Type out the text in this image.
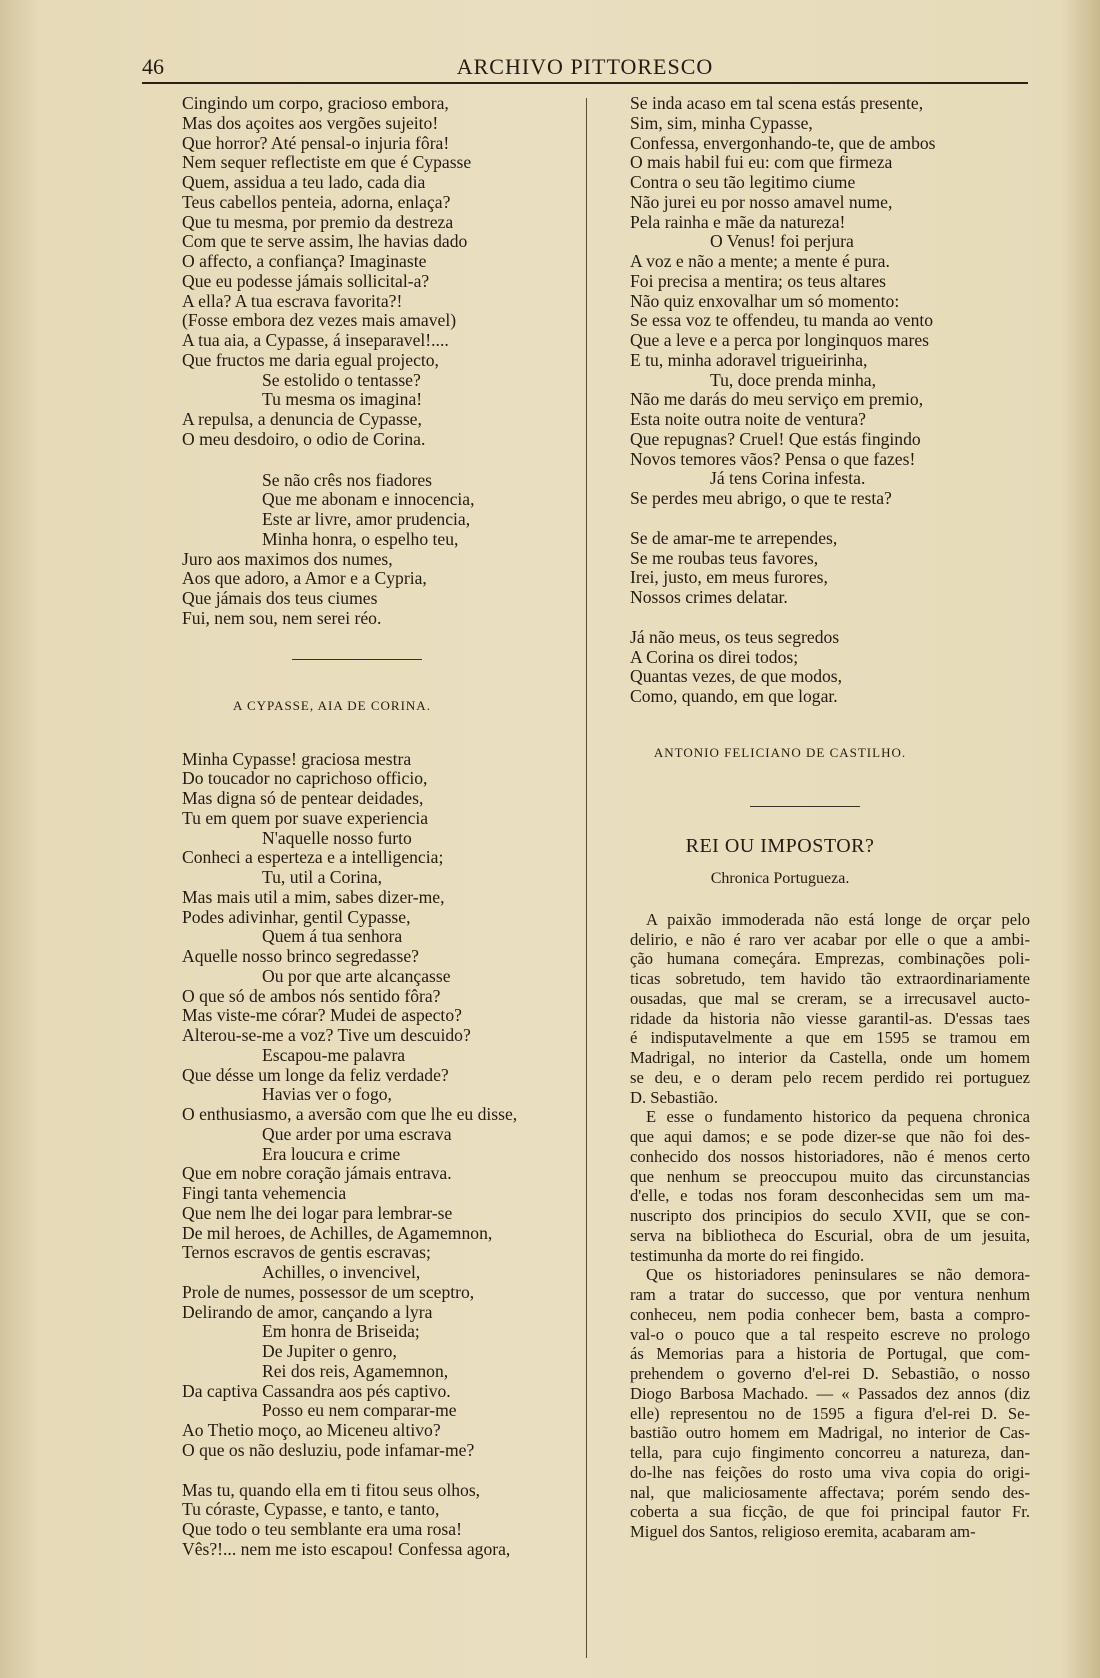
46	ARCHIVO PITTORESCO
Cingindo um corpo, gracioso embora,
Mas dos açoites aos vergões sujeito!
Que horror? Até pensal-o injuria fôra!
Nem sequer reflectiste em que é Cypasse
Quem, assidua a teu lado, cada dia
Teus cabellos penteia, adorna, enlaça?
Que tu mesma, por premio da destreza
Com que te serve assim, lhe havias dado
O affecto, a confiança? Imaginaste
Que eu podesse jámais sollicital-a?
A ella? A tua escrava favorita?!
(Fosse embora dez vezes mais amavel)
A tua aia, a Cypasse, á inseparavel!....
Que fructos me daria egual projecto,
Se estolido o tentasse?
Tu mesma os imagina!
A repulsa, a denuncia de Cypasse,
O meu desdoiro, o odio de Corina.
Se não crês nos fiadores
Que me abonam e innocencia,
Este ar livre, amor prudencia,
Minha honra, o espelho teu,
Juro aos maximos dos numes,
Aos que adoro, a Amor e a Cypria,
Que jámais dos teus ciumes
Fui, nem sou, nem serei réo.
A CYPASSE, AIA DE CORINA.
Minha Cypasse! graciosa mestra
Do toucador no caprichoso officio,
Mas digna só de pentear deidades,
Tu em quem por suave experiencia
N'aquelle nosso furto
Conheci a esperteza e a intelligencia;
Tu, util a Corina,
Mas mais util a mim, sabes dizer-me,
Podes adivinhar, gentil Cypasse,
Quem á tua senhora
Aquelle nosso brinco segredasse?
Ou por que arte alcançasse
O que só de ambos nós sentido fôra?
Mas viste-me córar? Mudei de aspecto?
Alterou-se-me a voz? Tive um descuido?
Escapou-me palavra
Que désse um longe da feliz verdade?
Havias ver o fogo,
O enthusiasmo, a aversão com que lhe eu disse,
Que arder por uma escrava
Era loucura e crime
Que em nobre coração jámais entrava.
Fingi tanta vehemencia
Que nem lhe dei logar para lembrar-se
De mil heroes, de Achilles, de Agamemnon,
Ternos escravos de gentis escravas;
Achilles, o invencivel,
Prole de numes, possessor de um sceptro,
Delirando de amor, cançando a lyra
Em honra de Briseida;
De Jupiter o genro,
Rei dos reis, Agamemnon,
Da captiva Cassandra aos pés captivo.
Posso eu nem comparar-me
Ao Thetio moço, ao Miceneu altivo?
O que os não desluziu, pode infamar-me?
Mas tu, quando ella em ti fitou seus olhos,
Tu córaste, Cypasse, e tanto, e tanto,
Que todo o teu semblante era uma rosa!
Vês?!... nem me isto escapou! Confessa agora,
Se inda acaso em tal scena estás presente,
Sim, sim, minha Cypasse,
Confessa, envergonhando-te, que de ambos
O mais habil fui eu: com que firmeza
Contra o seu tão legitimo ciume
Não jurei eu por nosso amavel nume,
Pela rainha e mãe da natureza!
O Venus! foi perjura
A voz e não a mente; a mente é pura.
Foi precisa a mentira; os teus altares
Não quiz enxovalhar um só momento:
Se essa voz te offendeu, tu manda ao vento
Que a leve e a perca por longinquos mares
E tu, minha adoravel trigueirinha,
Tu, doce prenda minha,
Não me darás do meu serviço em premio,
Esta noite outra noite de ventura?
Que repugnas? Cruel! Que estás fingindo
Novos temores vãos? Pensa o que fazes!
Já tens Corina infesta.
Se perdes meu abrigo, o que te resta?
Se de amar-me te arrependes,
Se me roubas teus favores,
Irei, justo, em meus furores,
Nossos crimes delatar.
Já não meus, os teus segredos
A Corina os direi todos;
Quantas vezes, de que modos,
Como, quando, em que logar.
ANTONIO FELICIANO DE CASTILHO.
REI OU IMPOSTOR?
Chronica Portugueza.

A paixão immoderada não está longe de orçar pelo
delirio, e não é raro ver acabar por elle o que a ambi-
ção humana começára. Emprezas, combinações poli-
ticas sobretudo, tem havido tão extraordinariamente
ousadas, que mal se creram, se a irrecusavel aucto-
ridade da historia não viesse garantil-as. D'essas taes
é indisputavelmente a que em 1595 se tramou em
Madrigal, no interior da Castella, onde um homem
se deu, e o deram pelo recem perdido rei portuguez
D. Sebastião.

E esse o fundamento historico da pequena chronica
que aqui damos; e se pode dizer-se que não foi des-
conhecido dos nossos historiadores, não é menos certo
que nenhum se preoccupou muito das circunstancias
d'elle, e todas nos foram desconhecidas sem um ma-
nuscripto dos principios do seculo XVII, que se con-
serva na bibliotheca do Escurial, obra de um jesuita,
testimunha da morte do rei fingido.

Que os historiadores peninsulares se não demora-
ram a tratar do successo, que por ventura nenhum
conheceu, nem podia conhecer bem, basta a compro-
val-o o pouco que a tal respeito escreve no prologo
ás Memorias para a historia de Portugal, que com-
prehendem o governo d'el-rei D. Sebastião, o nosso
Diogo Barbosa Machado. — « Passados dez annos (diz
elle) representou no de 1595 a figura d'el-rei D. Se-
bastião outro homem em Madrigal, no interior de Cas-
tella, para cujo fingimento concorreu a natureza, dan-
do-lhe nas feições do rosto uma viva copia do origi-
nal, que maliciosamente affectava; porém sendo des-
coberta a sua ficção, de que foi principal fautor Fr.
Miguel dos Santos, religioso eremita, acabaram am-
